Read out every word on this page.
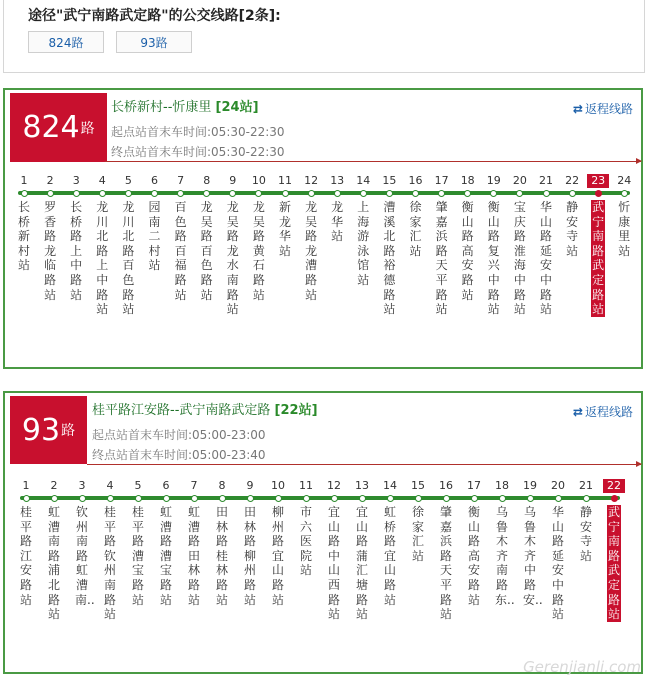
途径"武宁南路武定路"的公交线路[2条]:
824路	93路
824 路
长桥新村--忻康里 [24站]
起点站首末车时间:05:30-22:30
终点站首末车时间:05:30-22:30
⇄ 返程线路
1
长桥新村站
2
罗香路龙临路站
3
长桥路上中路站
4
龙川北路上中路站
5
龙川北路百色路站
6
园南二村站
7
百色路百福路站
8
龙吴路百色路站
9
龙吴路龙水南路站
10
龙吴路黄石路站
11
新龙华站
12
龙吴路龙漕路站
13
龙华站
14
上海游泳馆站
15
漕溪北路裕德路站
16
徐家汇站
17
肇嘉浜路天平路站
18
衡山路高安路站
19
衡山路复兴中路站
20
宝庆路淮海中路站
21
华山路延安中路站
22
静安寺站
23
武宁南路武定路站
24
忻康里站
93 路
桂平路江安路--武宁南路武定路 [22站]
起点站首末车时间:05:00-23:00
终点站首末车时间:05:00-23:40
⇄ 返程线路
1
桂平路江安路站
2
虹漕南路浦北路站
3
钦州南路虹漕南..
4
桂平路钦州南路站
5
桂平路漕宝路站
6
虹漕路漕宝路站
7
虹漕路田林路站
8
田林路桂林路站
9
田林路柳州路站
10
柳州路宜山路站
11
市六医院站
12
宜山路中山西路站
13
宜山路蒲汇塘路站
14
虹桥路宜山路站
15
徐家汇站
16
肇嘉浜路天平路站
17
衡山路高安路站
18
乌鲁木齐南路东..
19
乌鲁木齐中路安..
20
华山路延安中路站
21
静安寺站
22
武宁南路武定路站
Gerenjianli.com
